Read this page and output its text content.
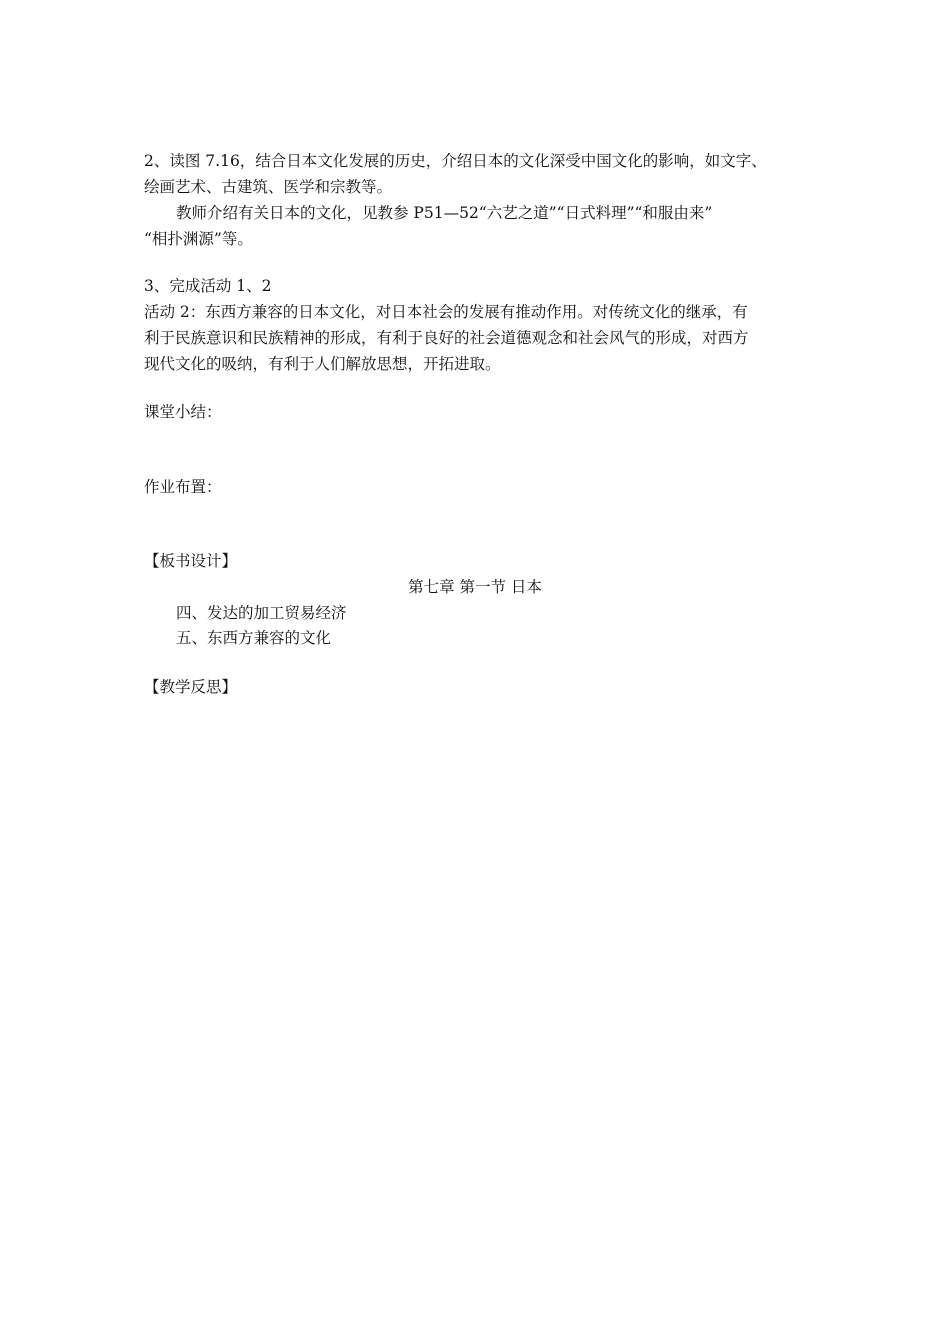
2、读图 7.16，结合日本文化发展的历史，介绍日本的文化深受中国文化的影响，如文字、
绘画艺术、古建筑、医学和宗教等。
教师介绍有关日本的文化，见教参 P51—52“六艺之道”“日式料理”“和服由来”
“相扑渊源”等。
3、完成活动 1、2
活动 2：东西方兼容的日本文化，对日本社会的发展有推动作用。对传统文化的继承，有
利于民族意识和民族精神的形成，有利于良好的社会道德观念和社会风气的形成，对西方
现代文化的吸纳，有利于人们解放思想，开拓进取。
课堂小结：
作业布置：
【板书设计】
第七章 第一节 日本
四、发达的加工贸易经济
五、东西方兼容的文化
【教学反思】
